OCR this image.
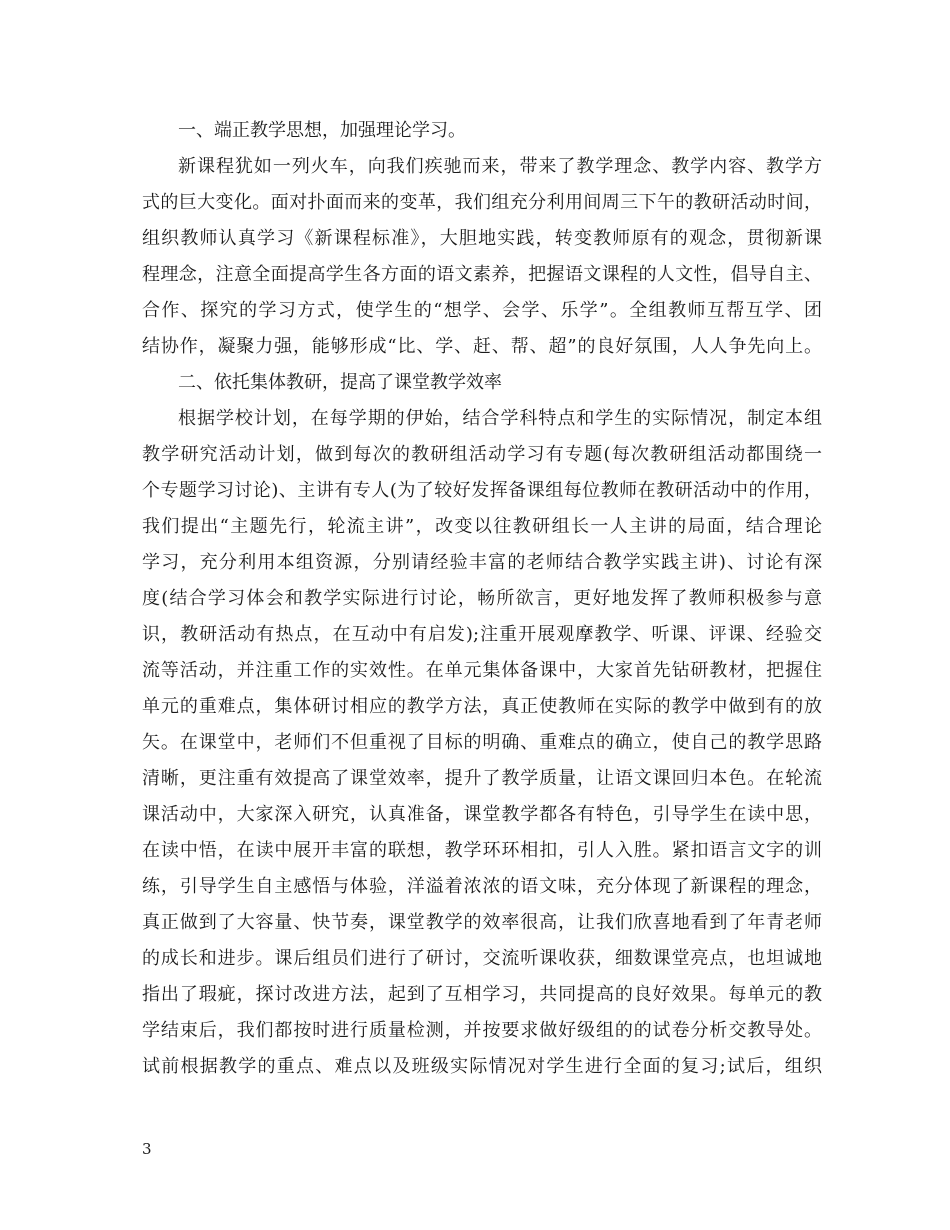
一、端正教学思想，加强理论学习。
新课程犹如一列火车，向我们疾驰而来，带来了教学理念、教学内容、教学方
式的巨大变化。面对扑面而来的变革，我们组充分利用间周三下午的教研活动时间，
组织教师认真学习《新课程标准》，大胆地实践，转变教师原有的观念，贯彻新课
程理念，注意全面提高学生各方面的语文素养，把握语文课程的人文性，倡导自主、
合作、探究的学习方式，使学生的“想学、会学、乐学”。全组教师互帮互学、团
结协作，凝聚力强，能够形成“比、学、赶、帮、超”的良好氛围，人人争先向上。
二、依托集体教研，提高了课堂教学效率
根据学校计划，在每学期的伊始，结合学科特点和学生的实际情况，制定本组
教学研究活动计划，做到每次的教研组活动学习有专题(每次教研组活动都围绕一
个专题学习讨论)、主讲有专人(为了较好发挥备课组每位教师在教研活动中的作用，
我们提出“主题先行，轮流主讲”，改变以往教研组长一人主讲的局面，结合理论
学习，充分利用本组资源，分别请经验丰富的老师结合教学实践主讲)、讨论有深
度(结合学习体会和教学实际进行讨论，畅所欲言，更好地发挥了教师积极参与意
识，教研活动有热点，在互动中有启发);注重开展观摩教学、听课、评课、经验交
流等活动，并注重工作的实效性。在单元集体备课中，大家首先钻研教材，把握住
单元的重难点，集体研讨相应的教学方法，真正使教师在实际的教学中做到有的放
矢。在课堂中，老师们不但重视了目标的明确、重难点的确立，使自己的教学思路
清晰，更注重有效提高了课堂效率，提升了教学质量，让语文课回归本色。在轮流
课活动中，大家深入研究，认真准备，课堂教学都各有特色，引导学生在读中思，
在读中悟，在读中展开丰富的联想，教学环环相扣，引人入胜。紧扣语言文字的训
练，引导学生自主感悟与体验，洋溢着浓浓的语文味，充分体现了新课程的理念，
真正做到了大容量、快节奏，课堂教学的效率很高，让我们欣喜地看到了年青老师
的成长和进步。课后组员们进行了研讨，交流听课收获，细数课堂亮点，也坦诚地
指出了瑕疵，探讨改进方法，起到了互相学习，共同提高的良好效果。每单元的教
学结束后，我们都按时进行质量检测，并按要求做好级组的的试卷分析交教导处。
试前根据教学的重点、难点以及班级实际情况对学生进行全面的复习;试后，组织
3
